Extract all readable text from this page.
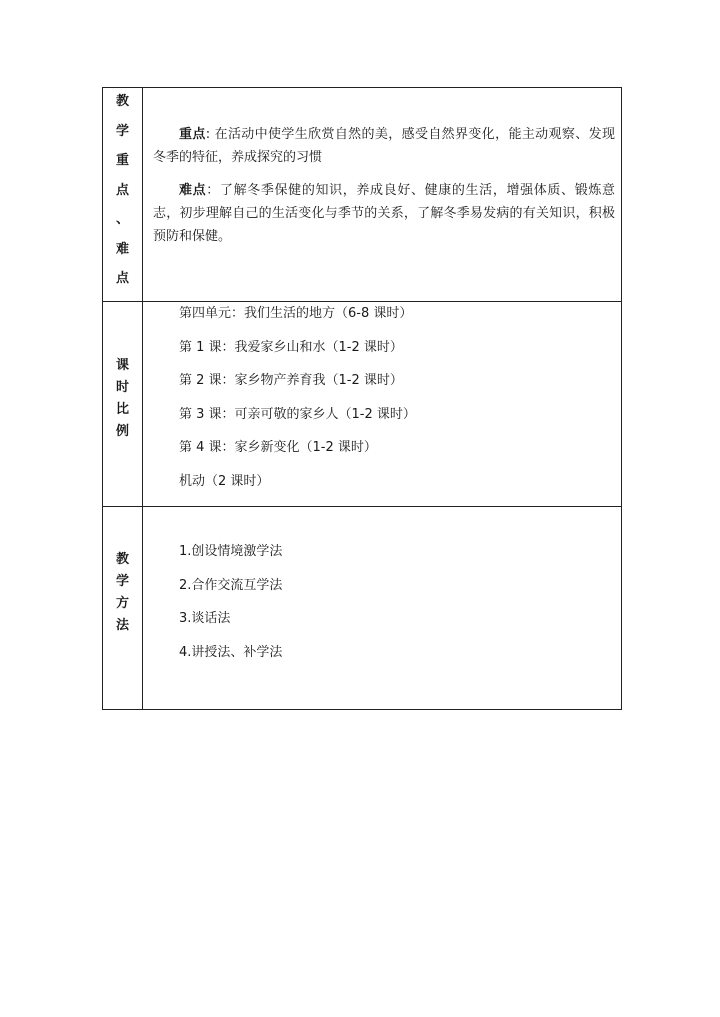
教
学
重
点
、
难
点

重点: 在活动中使学生欣赏自然的美，感受自然界变化，能主动观察、发现冬季的特征，养成探究的习惯

难点：了解冬季保健的知识，养成良好、健康的生活，增强体质、锻炼意志，初步理解自己的生活变化与季节的关系，了解冬季易发病的有关知识，积极预防和保健。

课
时
比
例
第四单元：我们生活的地方（6-8 课时）
第 1 课：我爱家乡山和水（1-2 课时）
第 2 课：家乡物产养育我（1-2 课时）
第 3 课：可亲可敬的家乡人（1-2 课时）
第 4 课：家乡新变化（1-2 课时）
机动（2 课时）
教
学
方
法
1.创设情境激学法
2.合作交流互学法
3.谈话法
4.讲授法、补学法
